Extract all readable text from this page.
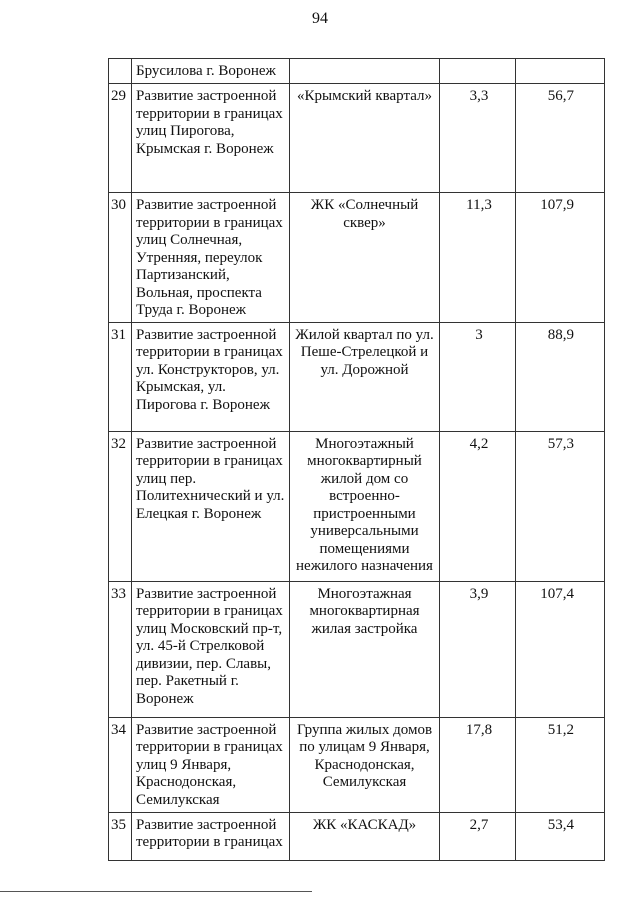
94
	Брусилова г. Воронеж			
29	Развитие застроенной территории в границах улиц Пирогова, Крымская г. Воронеж	«Крымский квартал»	3,3	56,7
30	Развитие застроенной территории в границах улиц Солнечная, Утренняя, переулок Партизанский, Вольная, проспекта Труда г. Воронеж	ЖК «Солнечный сквер»	11,3	107,9
31	Развитие застроенной территории в границах ул. Конструкторов, ул. Крымская, ул. Пирогова г. Воронеж	Жилой квартал по ул. Пеше-Стрелецкой и ул. Дорожной	3	88,9
32	Развитие застроенной территории в границах улиц пер. Политехнический и ул. Елецкая г. Воронеж	Многоэтажный многоквартирный жилой дом со встроенно-пристроенными универсальными помещениями нежилого назначения	4,2	57,3
33	Развитие застроенной территории в границах улиц Московский пр-т, ул. 45-й Стрелковой дивизии, пер. Славы, пер. Ракетный г. Воронеж	Многоэтажная многоквартирная жилая застройка	3,9	107,4
34	Развитие застроенной территории в границах улиц 9 Января, Краснодонская, Семилукская	Группа жилых домов по улицам 9 Января, Краснодонская, Семилукская	17,8	51,2
35	Развитие застроенной территории в границах	ЖК «КАСКАД»	2,7	53,4
